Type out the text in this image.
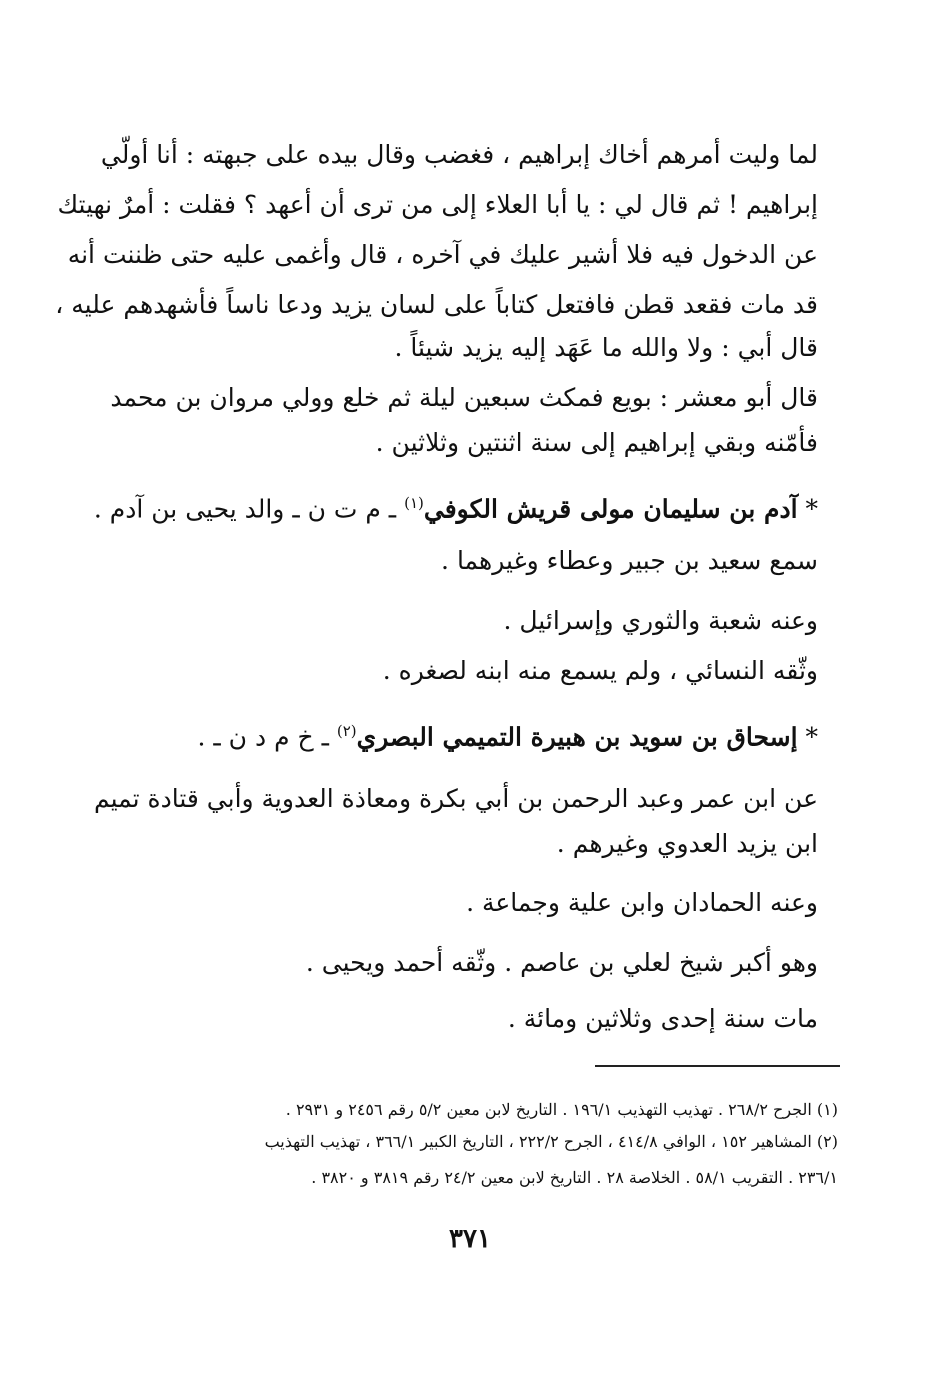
لما وليت أمرهم أخاك إبراهيم ، فغضب وقال بيده على جبهته : أنا أولّي
إبراهيم ! ثم قال لي : يا أبا العلاء إلى من ترى أن أعهد ؟ فقلت : أمرٌ نهيتك
عن الدخول فيه فلا أشير عليك في آخره ، قال وأغمى عليه حتى ظننت أنه
قد مات فقعد قطن فافتعل كتاباً على لسان يزيد ودعا ناساً فأشهدهم عليه ،
قال أبي : ولا والله ما عَهَد إليه يزيد شيئاً .
قال أبو معشر : بويع فمكث سبعين ليلة ثم خلع وولي مروان بن محمد
فأمّنه وبقي إبراهيم إلى سنة اثنتين وثلاثين .
* آدم بن سليمان مولى قريش الكوفي$^{(١)}$ ـ م ت ن ـ والد يحيى بن آدم .
سمع سعيد بن جبير وعطاء وغيرهما .
وعنه شعبة والثوري وإسرائيل .
وثّقه النسائي ، ولم يسمع منه ابنه لصغره .
* إسحاق بن سويد بن هبيرة التميمي البصري$^{(٢)}$ ـ خ م د ن ـ .
عن ابن عمر وعبد الرحمن بن أبي بكرة ومعاذة العدوية وأبي قتادة تميم
ابن يزيد العدوي وغيرهم .
وعنه الحمادان وابن علية وجماعة .
وهو أكبر شيخ لعلي بن عاصم . وثّقه أحمد ويحيى .
مات سنة إحدى وثلاثين ومائة .
(١) الجرح ٢٦٨/٢ . تهذيب التهذيب ١٩٦/١ . التاريخ لابن معين ٥/٢ رقم ٢٤٥٦ و ٢٩٣١ .
(٢) المشاهير ١٥٢ ، الوافي ٤١٤/٨ ، الجرح ٢٢٢/٢ ، التاريخ الكبير ٣٦٦/١ ، تهذيب التهذيب
٢٣٦/١ . التقريب ٥٨/١ . الخلاصة ٢٨ . التاريخ لابن معين ٢٤/٢ رقم ٣٨١٩ و ٣٨٢٠ .
٣٧١
